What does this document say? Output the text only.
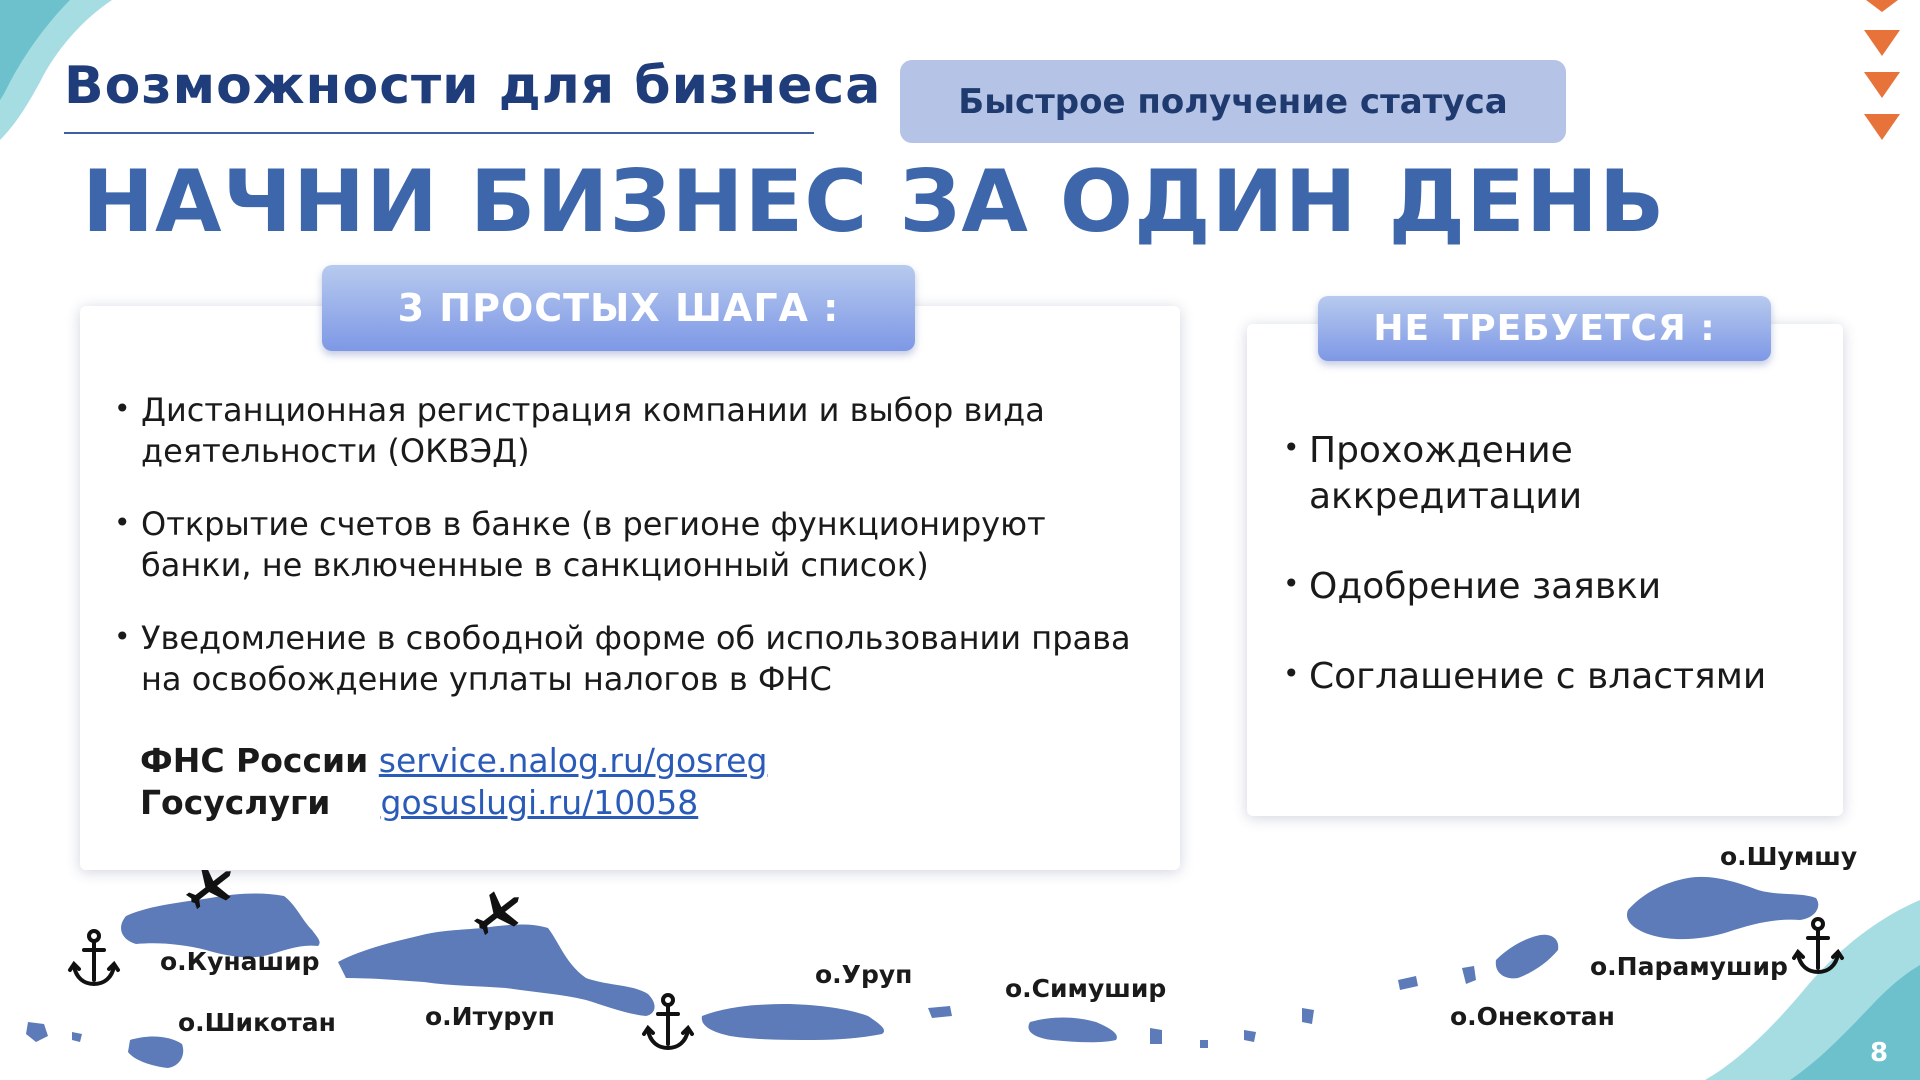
Возможности для бизнеса Быстрое получение статуса
НАЧНИ БИЗНЕС ЗА ОДИН ДЕНЬ
3 ПРОСТЫХ ШАГА :
• Дистанционная регистрация компании и выбор вида деятельности (ОКВЭД)
• Открытие счетов в банке (в регионе функционируют банки, не включенные в санкционный список)
• Уведомление в свободной форме об использовании права на освобождение уплаты налогов в ФНС
ФНС России service.nalog.ru/gosreg
Госуслуги gosuslugi.ru/10058
НЕ ТРЕБУЕТСЯ :
• Прохождение аккредитации
• Одобрение заявки
• Соглашение с властями
о.Кунашир
о.Шикотан	о.Итуруп
о.Уруп	о.Симушир
о.Онекотан
о.Парамушир
о.Шумшу
8
